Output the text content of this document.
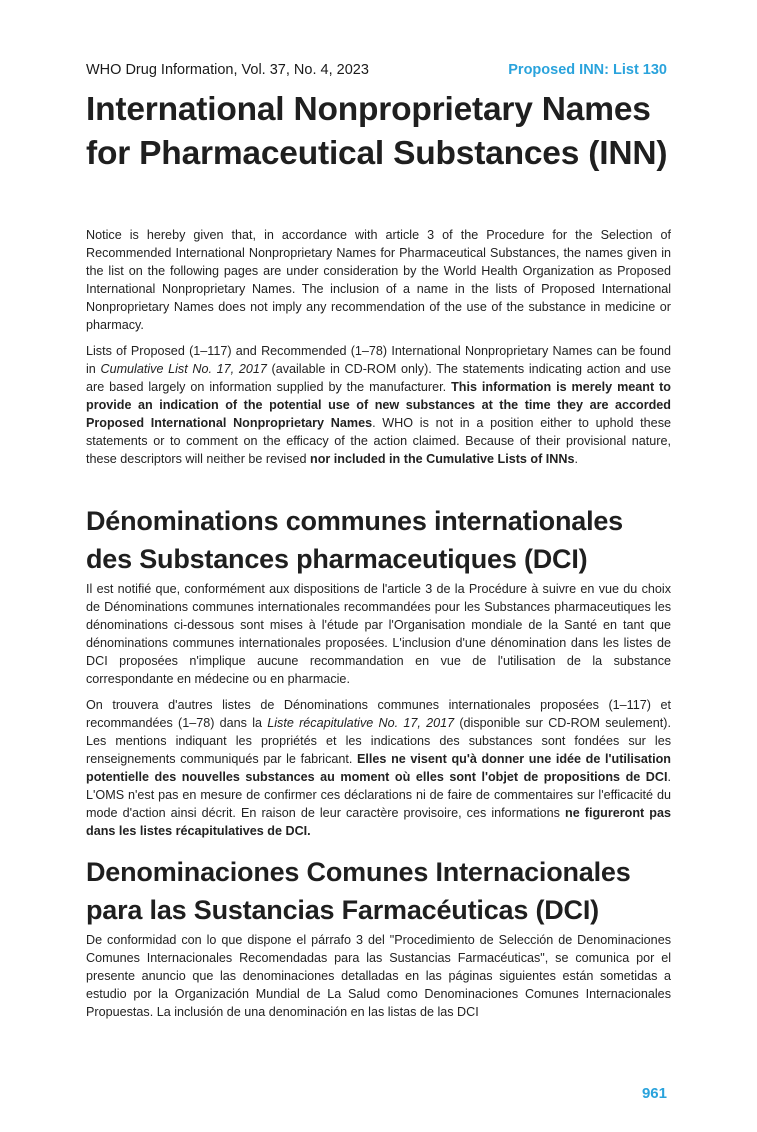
WHO Drug Information, Vol. 37, No. 4, 2023	Proposed INN: List 130
International Nonproprietary Names for Pharmaceutical Substances (INN)

Notice is hereby given that, in accordance with article 3 of the Procedure for the Selection of Recommended International Nonproprietary Names for Pharmaceutical Substances, the names given in the list on the following pages are under consideration by the World Health Organization as Proposed International Nonproprietary Names. The inclusion of a name in the lists of Proposed International Nonproprietary Names does not imply any recommendation of the use of the substance in medicine or pharmacy.

Lists of Proposed (1–117) and Recommended (1–78) International Nonproprietary Names can be found in Cumulative List No. 17, 2017 (available in CD-ROM only). The statements indicating action and use are based largely on information supplied by the manufacturer. This information is merely meant to provide an indication of the potential use of new substances at the time they are accorded Proposed International Nonproprietary Names. WHO is not in a position either to uphold these statements or to comment on the efficacy of the action claimed. Because of their provisional nature, these descriptors will neither be revised nor included in the Cumulative Lists of INNs.

Dénominations communes internationales des Substances pharmaceutiques (DCI)

Il est notifié que, conformément aux dispositions de l'article 3 de la Procédure à suivre en vue du choix de Dénominations communes internationales recommandées pour les Substances pharmaceutiques les dénominations ci-dessous sont mises à l'étude par l'Organisation mondiale de la Santé en tant que dénominations communes internationales proposées. L'inclusion d'une dénomination dans les listes de DCI proposées n'implique aucune recommandation en vue de l'utilisation de la substance correspondante en médecine ou en pharmacie.

On trouvera d'autres listes de Dénominations communes internationales proposées (1–117) et recommandées (1–78) dans la Liste récapitulative No. 17, 2017 (disponible sur CD-ROM seulement). Les mentions indiquant les propriétés et les indications des substances sont fondées sur les renseignements communiqués par le fabricant. Elles ne visent qu'à donner une idée de l'utilisation potentielle des nouvelles substances au moment où elles sont l'objet de propositions de DCI. L'OMS n'est pas en mesure de confirmer ces déclarations ni de faire de commentaires sur l'efficacité du mode d'action ainsi décrit. En raison de leur caractère provisoire, ces informations ne figureront pas dans les listes récapitulatives de DCI.

Denominaciones Comunes Internacionales para las Sustancias Farmacéuticas (DCI)

De conformidad con lo que dispone el párrafo 3 del "Procedimiento de Selección de Denominaciones Comunes Internacionales Recomendadas para las Sustancias Farmacéuticas", se comunica por el presente anuncio que las denominaciones detalladas en las páginas siguientes están sometidas a estudio por la Organización Mundial de La Salud como Denominaciones Comunes Internacionales Propuestas. La inclusión de una denominación en las listas de las DCI

961
